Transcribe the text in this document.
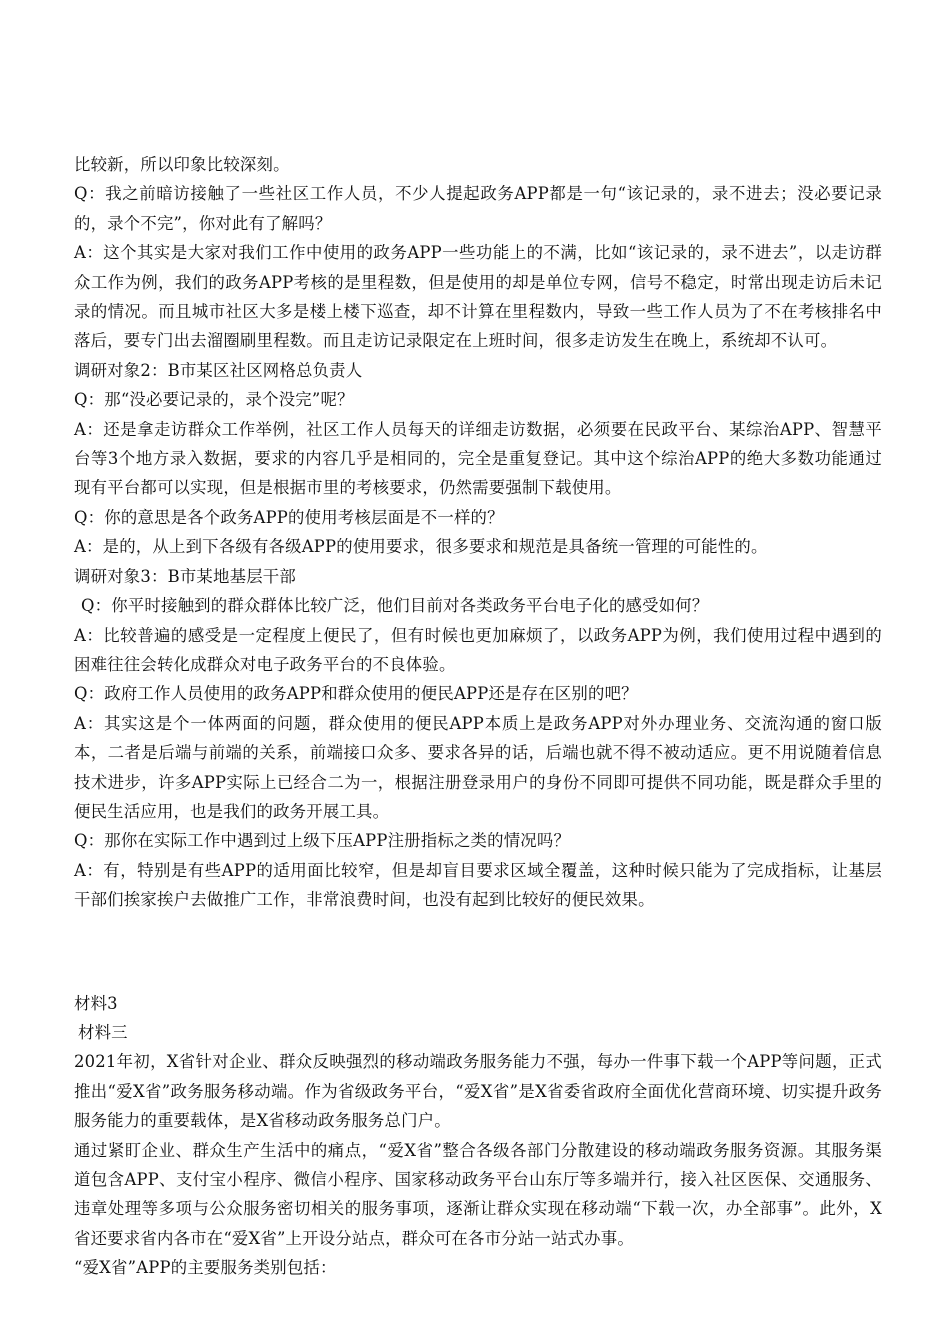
比较新，所以印象比较深刻。

Q：我之前暗访接触了一些社区工作人员，不少人提起政务APP都是一句“该记录的，录不进去；没必要记录的，录个不完”，你对此有了解吗？

A：这个其实是大家对我们工作中使用的政务APP一些功能上的不满，比如“该记录的，录不进去”，以走访群众工作为例，我们的政务APP考核的是里程数，但是使用的却是单位专网，信号不稳定，时常出现走访后未记录的情况。而且城市社区大多是楼上楼下巡查，却不计算在里程数内，导致一些工作人员为了不在考核排名中落后，要专门出去溜圈刷里程数。而且走访记录限定在上班时间，很多走访发生在晚上，系统却不认可。

调研对象2：B市某区社区网格总负责人

Q：那“没必要记录的，录个没完”呢？

A：还是拿走访群众工作举例，社区工作人员每天的详细走访数据，必须要在民政平台、某综治APP、智慧平台等3个地方录入数据，要求的内容几乎是相同的，完全是重复登记。其中这个综治APP的绝大多数功能通过现有平台都可以实现，但是根据市里的考核要求，仍然需要强制下载使用。

Q：你的意思是各个政务APP的使用考核层面是不一样的？

A：是的，从上到下各级有各级APP的使用要求，很多要求和规范是具备统一管理的可能性的。

调研对象3：B市某地基层干部

Q：你平时接触到的群众群体比较广泛，他们目前对各类政务平台电子化的感受如何？

A：比较普遍的感受是一定程度上便民了，但有时候也更加麻烦了，以政务APP为例，我们使用过程中遇到的困难往往会转化成群众对电子政务平台的不良体验。

Q：政府工作人员使用的政务APP和群众使用的便民APP还是存在区别的吧？

A：其实这是个一体两面的问题，群众使用的便民APP本质上是政务APP对外办理业务、交流沟通的窗口版本，二者是后端与前端的关系，前端接口众多、要求各异的话，后端也就不得不被动适应。更不用说随着信息技术进步，许多APP实际上已经合二为一，根据注册登录用户的身份不同即可提供不同功能，既是群众手里的便民生活应用，也是我们的政务开展工具。

Q：那你在实际工作中遇到过上级下压APP注册指标之类的情况吗？

A：有，特别是有些APP的适用面比较窄，但是却盲目要求区域全覆盖，这种时候只能为了完成指标，让基层干部们挨家挨户去做推广工作，非常浪费时间，也没有起到比较好的便民效果。

材料3

材料三

2021年初，X省针对企业、群众反映强烈的移动端政务服务能力不强，每办一件事下载一个APP等问题，正式推出“爱X省”政务服务移动端。作为省级政务平台，“爱X省”是X省委省政府全面优化营商环境、切实提升政务服务能力的重要载体，是X省移动政务服务总门户。

通过紧盯企业、群众生产生活中的痛点，“爱X省”整合各级各部门分散建设的移动端政务服务资源。其服务渠道包含APP、支付宝小程序、微信小程序、国家移动政务平台山东厅等多端并行，接入社区医保、交通服务、违章处理等多项与公众服务密切相关的服务事项，逐渐让群众实现在移动端“下载一次，办全部事”。此外，X省还要求省内各市在“爱X省”上开设分站点，群众可在各市分站一站式办事。

“爱X省”APP的主要服务类别包括：
